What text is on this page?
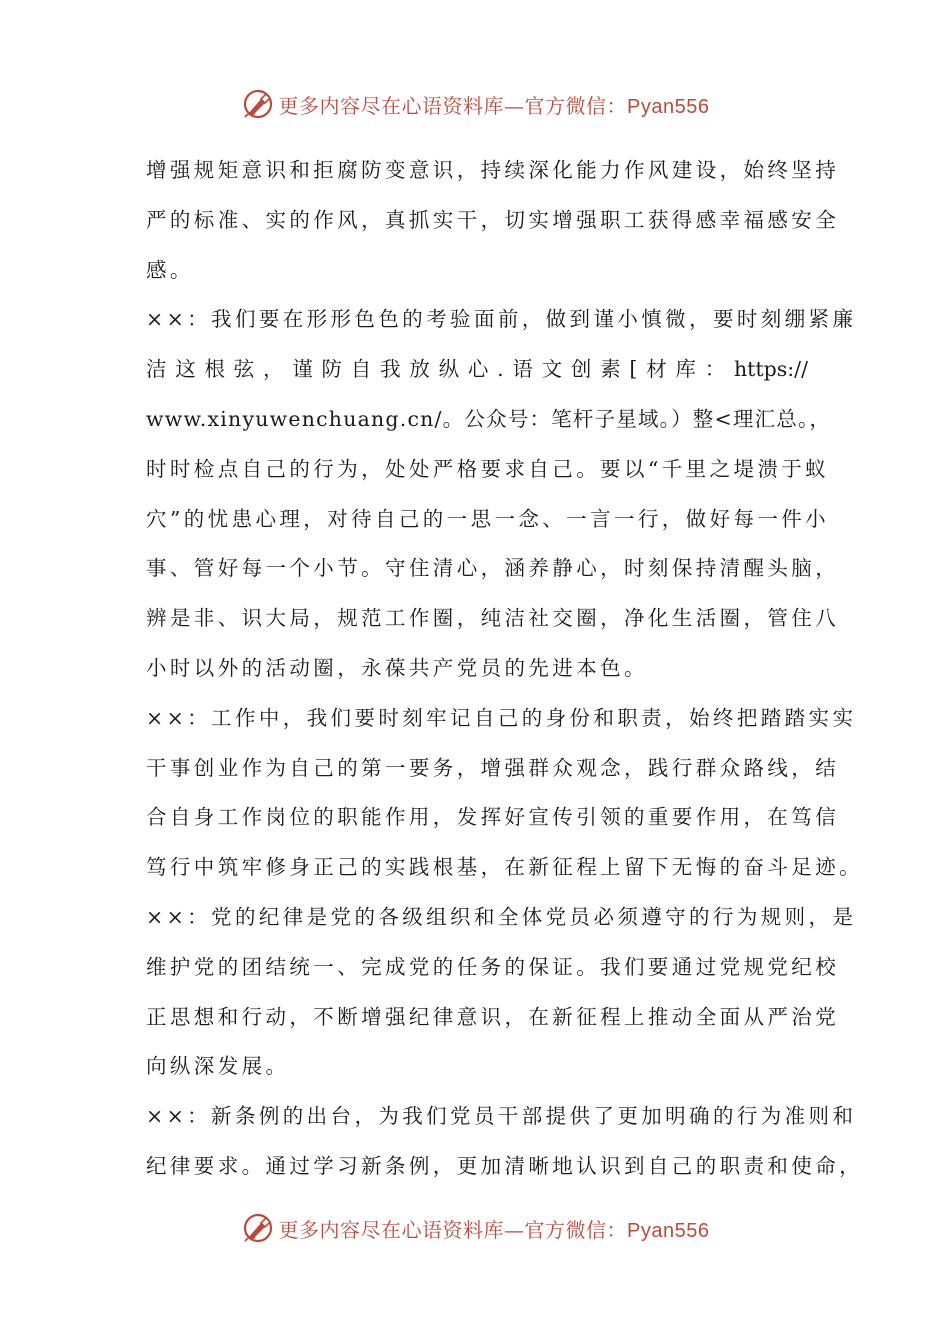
更多内容尽在心语资料库—官方微信：Pyan556
增强规矩意识和拒腐防变意识，持续深化能力作风建设，始终坚持
严的标准、实的作风，真抓实干，切实增强职工获得感幸福感安全
感。
××：我们要在形形色色的考验面前，做到谨小慎微，要时刻绷紧廉
洁这根弦，谨防自我放纵心.语文创素[材库：https://
www.xinyuwenchuang.cn/。公众号：笔杆子星域。）整<理汇总。，
时时检点自己的行为，处处严格要求自己。要以“千里之堤溃于蚁
穴”的忧患心理，对待自己的一思一念、一言一行，做好每一件小
事、管好每一个小节。守住清心，涵养静心，时刻保持清醒头脑，
辨是非、识大局，规范工作圈，纯洁社交圈，净化生活圈，管住八
小时以外的活动圈，永葆共产党员的先进本色。
××：工作中，我们要时刻牢记自己的身份和职责，始终把踏踏实实
干事创业作为自己的第一要务，增强群众观念，践行群众路线，结
合自身工作岗位的职能作用，发挥好宣传引领的重要作用，在笃信
笃行中筑牢修身正己的实践根基，在新征程上留下无悔的奋斗足迹。
××：党的纪律是党的各级组织和全体党员必须遵守的行为规则，是
维护党的团结统一、完成党的任务的保证。我们要通过党规党纪校
正思想和行动，不断增强纪律意识，在新征程上推动全面从严治党
向纵深发展。
××：新条例的出台，为我们党员干部提供了更加明确的行为准则和
纪律要求。通过学习新条例，更加清晰地认识到自己的职责和使命，
更多内容尽在心语资料库—官方微信：Pyan556
